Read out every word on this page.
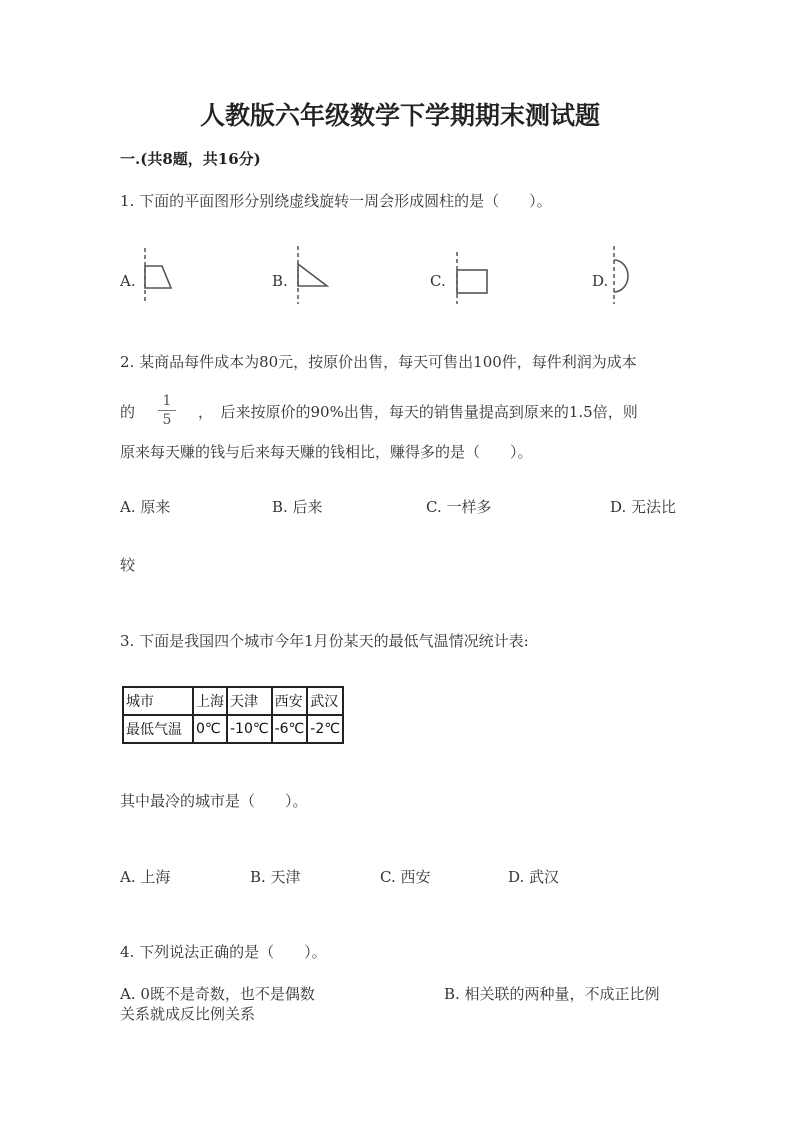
人教版六年级数学下学期期末测试题
一.(共8题，共16分)
1. 下面的平面图形分别绕虚线旋转一周会形成圆柱的是（　　）。
A.	B.	C.	D.
2. 某商品每件成本为80元，按原价出售，每天可售出100件，每件利润为成本
的
1
5	，　后来按原价的90%出售，每天的销售量提高到原来的1.5倍，则
原来每天赚的钱与后来每天赚的钱相比，赚得多的是（　　）。
A. 原来	B. 后来	C. 一样多	D. 无法比
较
3. 下面是我国四个城市今年1月份某天的最低气温情况统计表:
城市	上海	天津	西安	武汉
最低气温	0℃	-10℃	-6℃	-2℃
其中最冷的城市是（　　）。
A. 上海	B. 天津	C. 西安	D. 武汉
4. 下列说法正确的是（　　）。
A. 0既不是奇数，也不是偶数	B. 相关联的两种量，不成正比例
关系就成反比例关系
